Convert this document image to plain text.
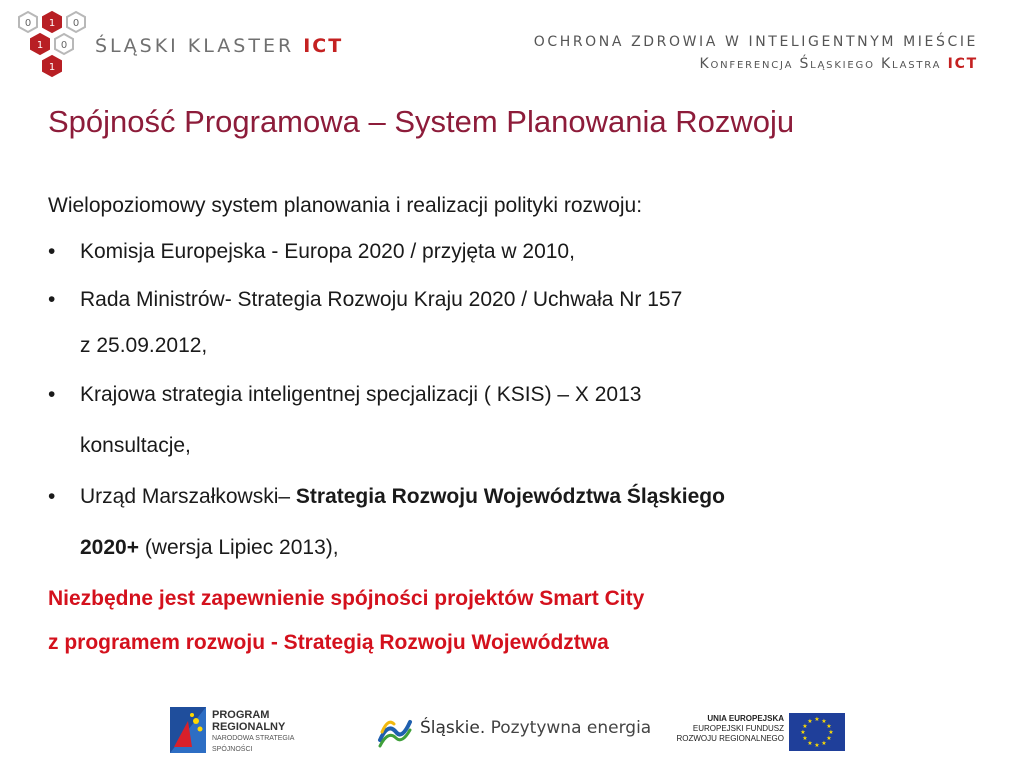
0 1 0
1 0
1
ŚLĄSKI KLASTER ICT	OCHRONA ZDROWIA W INTELIGENTNYM MIEŚCIE
Konferencja Śląskiego Klastra ICT
Spójność Programowa – System Planowania Rozwoju
Wielopoziomowy system planowania i realizacji polityki rozwoju:
• Komisja Europejska - Europa 2020 / przyjęta w 2010,
• Rada Ministrów- Strategia Rozwoju Kraju 2020 / Uchwała Nr 157
z 25.09.2012,
• Krajowa strategia inteligentnej specjalizacji ( KSIS) – X 2013
konsultacje,
• Urząd Marszałkowski– Strategia Rozwoju Województwa Śląskiego
2020+ (wersja Lipiec 2013),
Niezbędne jest zapewnienie spójności projektów Smart City
z programem rozwoju - Strategią Rozwoju Województwa
PROGRAM
REGIONALNY
NARODOWA STRATEGIA SPÓJNOŚCI
Śląskie. Pozytywna energia	UNIA EUROPEJSKA
EUROPEJSKI FUNDUSZ
ROZWOJU REGIONALNEGO
★ ★
★
★
★
★
★
★
★
★
★
★
